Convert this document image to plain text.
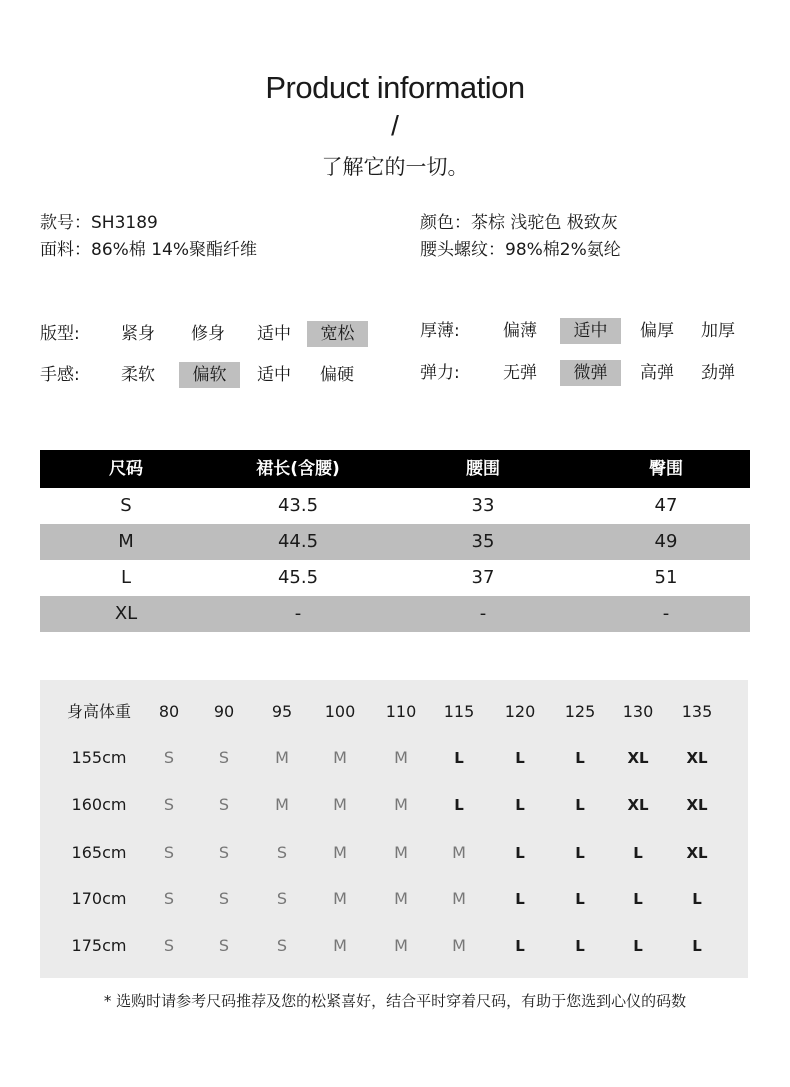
Product information
/
了解它的一切。
款号：SH3189
面料：86%棉 14%聚酯纤维
颜色：茶棕 浅驼色 极致灰
腰头螺纹：98%棉2%氨纶
版型:	紧身	修身	适中	宽松
手感:	柔软	偏软	适中	偏硬
厚薄:	偏薄	适中	偏厚	加厚
弹力:	无弹	微弹	高弹	劲弹
尺码	裙长(含腰)	腰围	臀围
S	43.5	33	47
M	44.5	35	49
L	45.5	37	51
XL	-	-	-
身高体重	80	90	95	100	110	115	120	125	130	135
155cm	S	S	M	M	M	L	L	L	XL	XL
160cm	S	S	M	M	M	L	L	L	XL	XL
165cm	S	S	S	M	M	M	L	L	L	XL
170cm	S	S	S	M	M	M	L	L	L	L
175cm	S	S	S	M	M	M	L	L	L	L
* 选购时请参考尺码推荐及您的松紧喜好，结合平时穿着尺码，有助于您选到心仪的码数
